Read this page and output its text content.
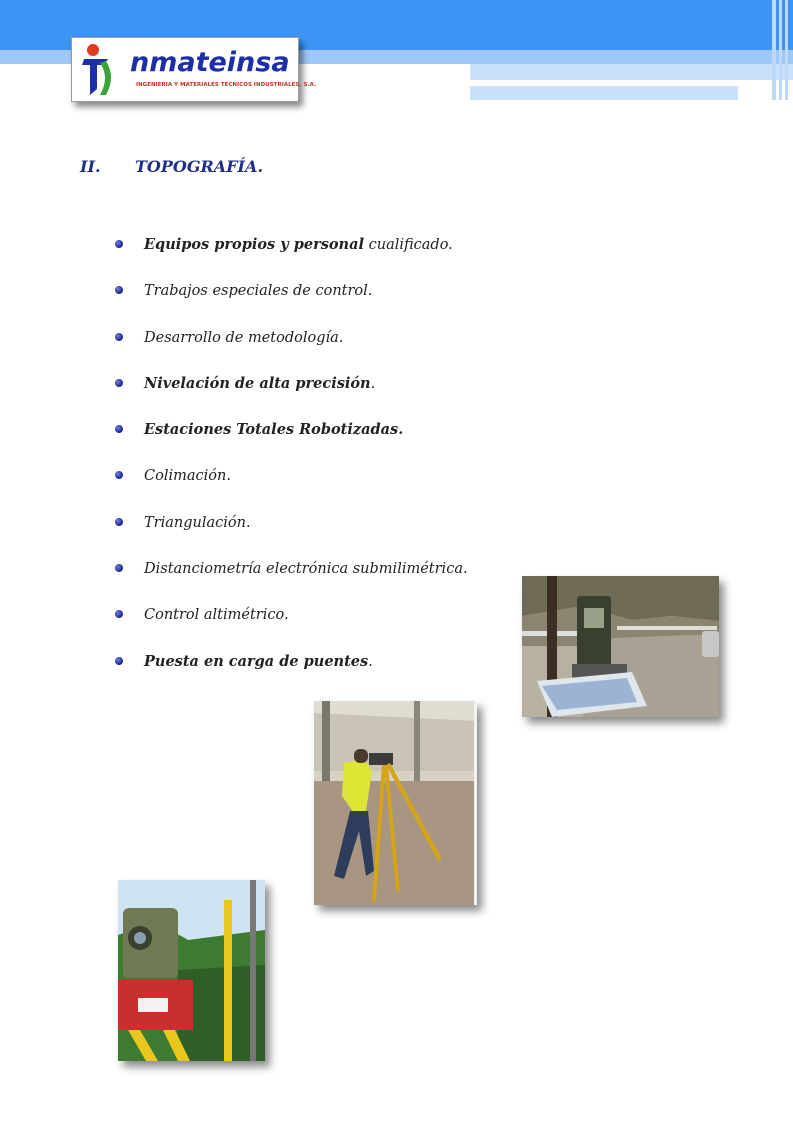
nmateinsa
INGENIERIA Y MATERIALES TECNICOS INDUSTRIALES, S.A.
II. TOPOGRAFÍA.
Equipos propios y personal cualificado.
Trabajos especiales de control.
Desarrollo de metodología.
Nivelación de alta precisión.
Estaciones Totales Robotizadas.
Colimación.
Triangulación.
Distanciometría electrónica submilimétrica.
Control altimétrico.
Puesta en carga de puentes.
